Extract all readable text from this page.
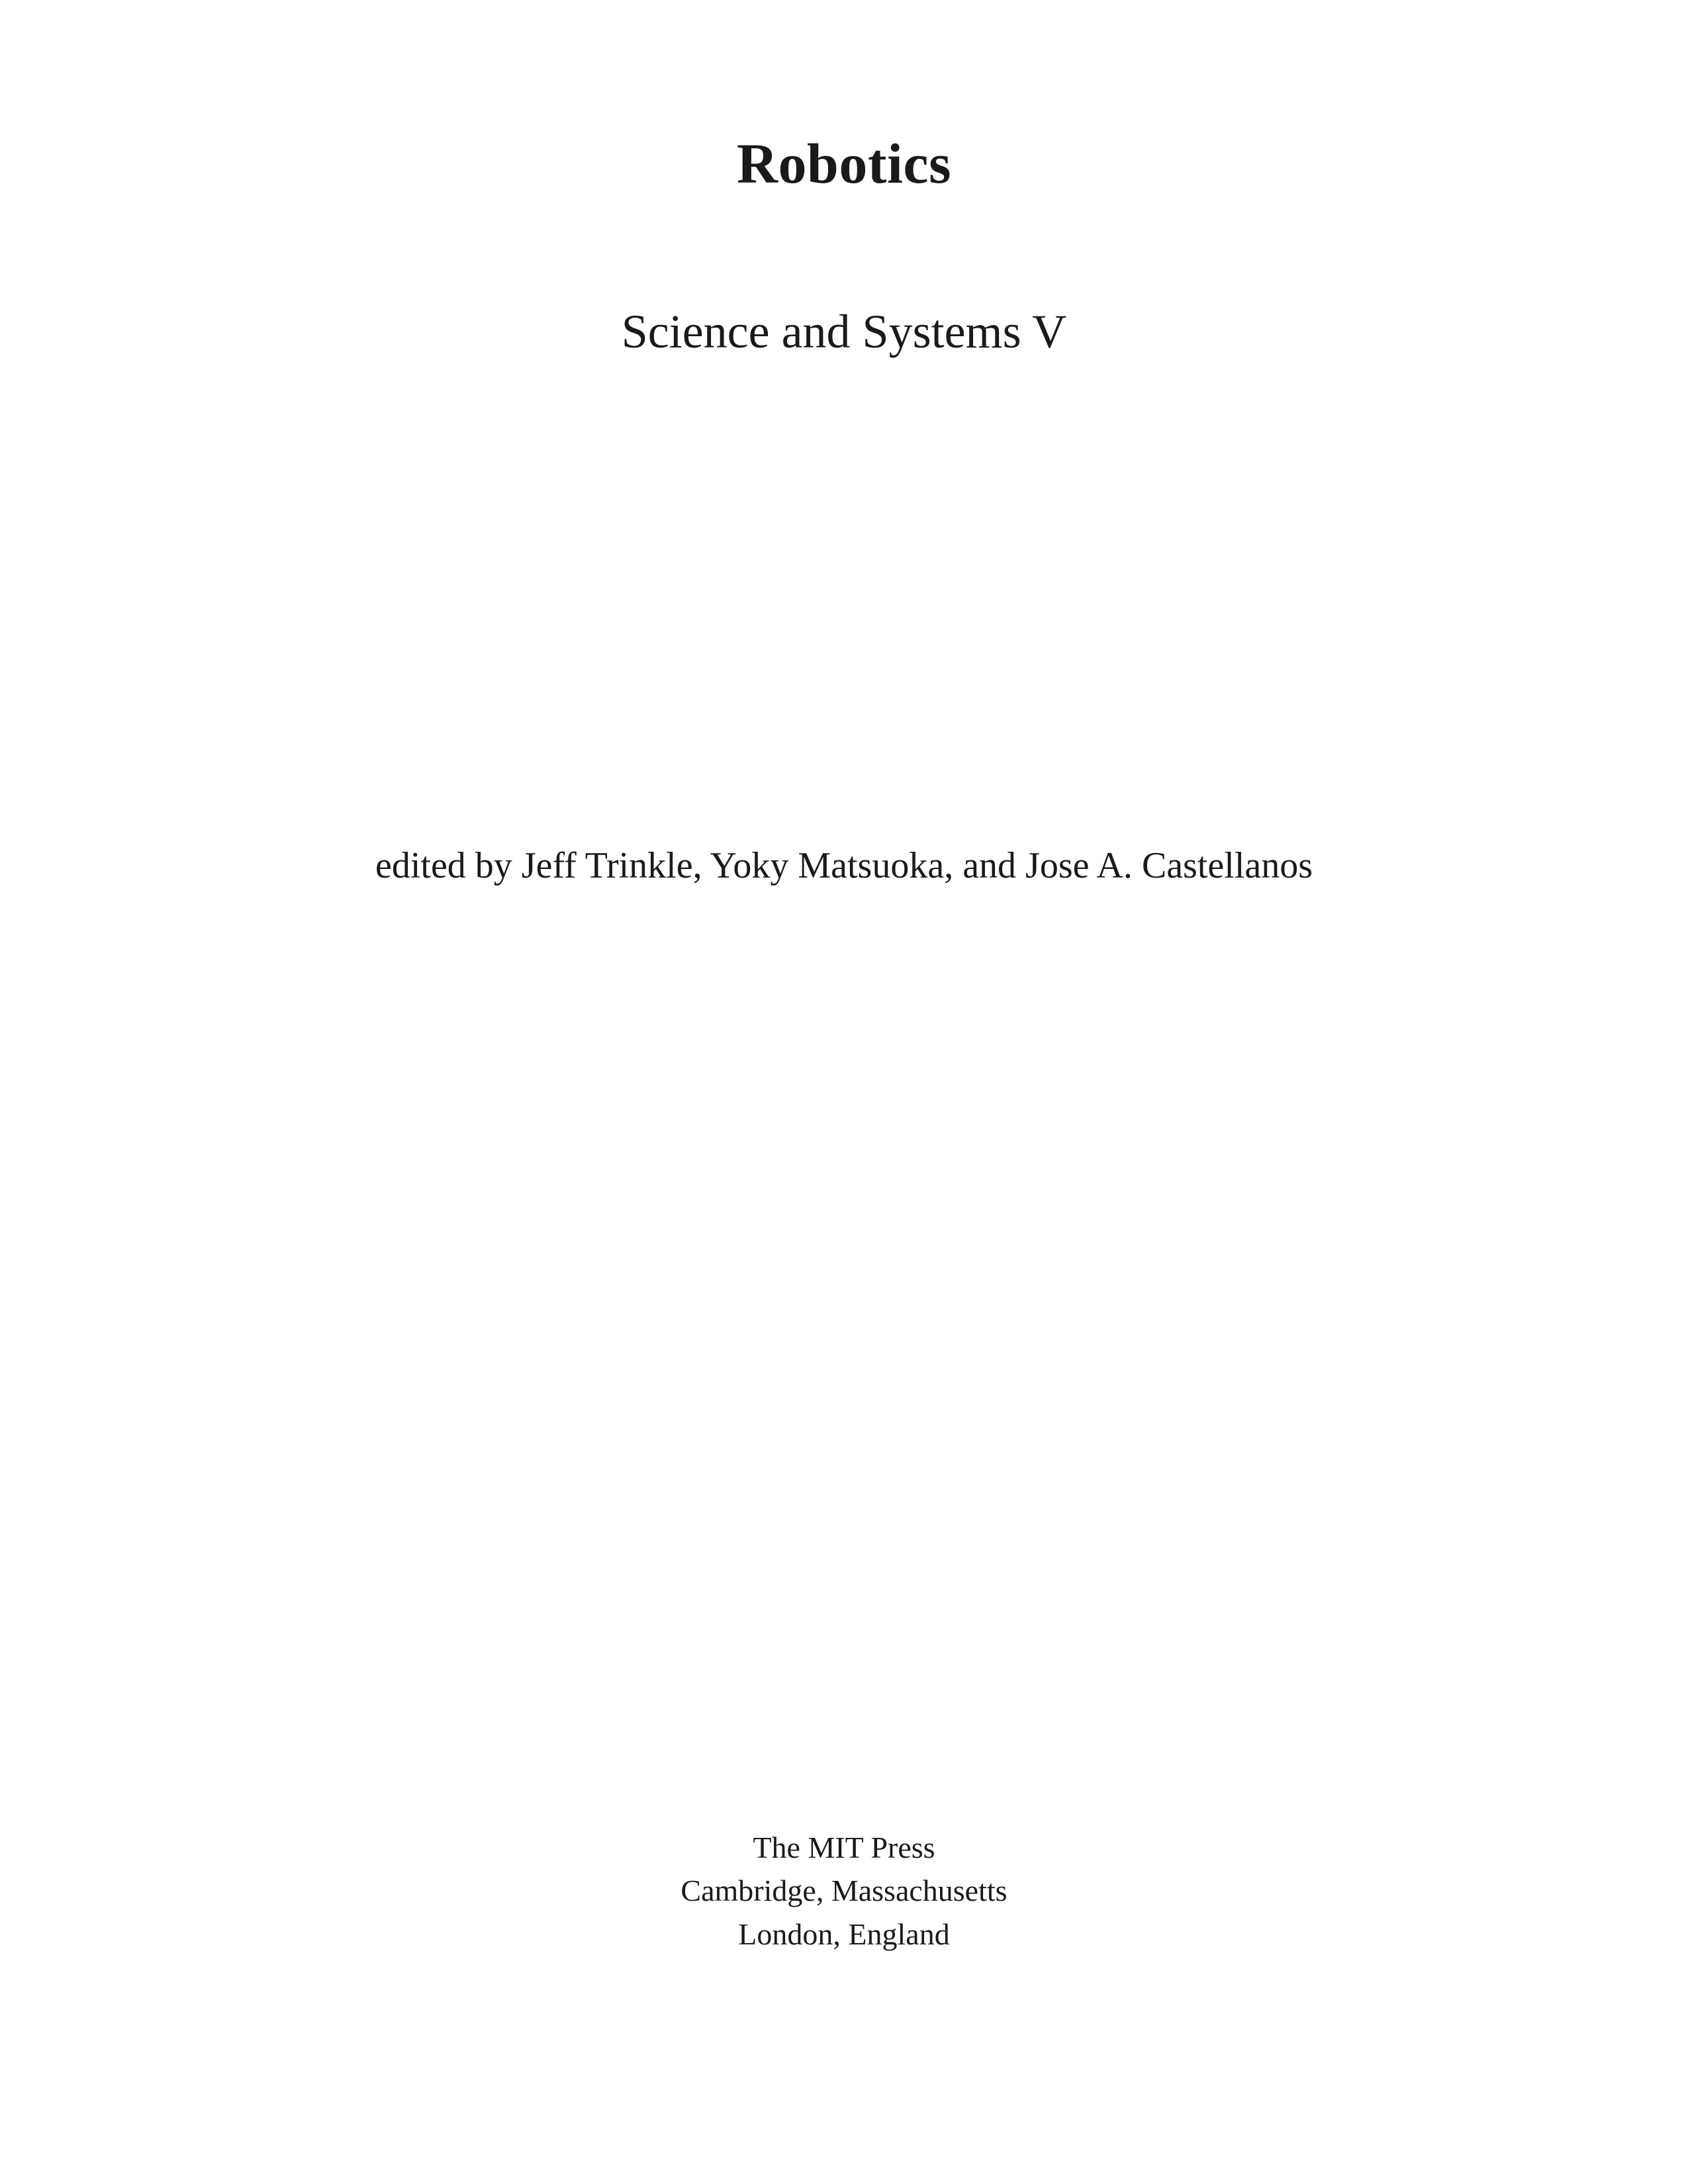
Robotics
Science and Systems V

edited by Jeff Trinkle, Yoky Matsuoka, and Jose A. Castellanos

The MIT Press

Cambridge, Massachusetts

London, England
